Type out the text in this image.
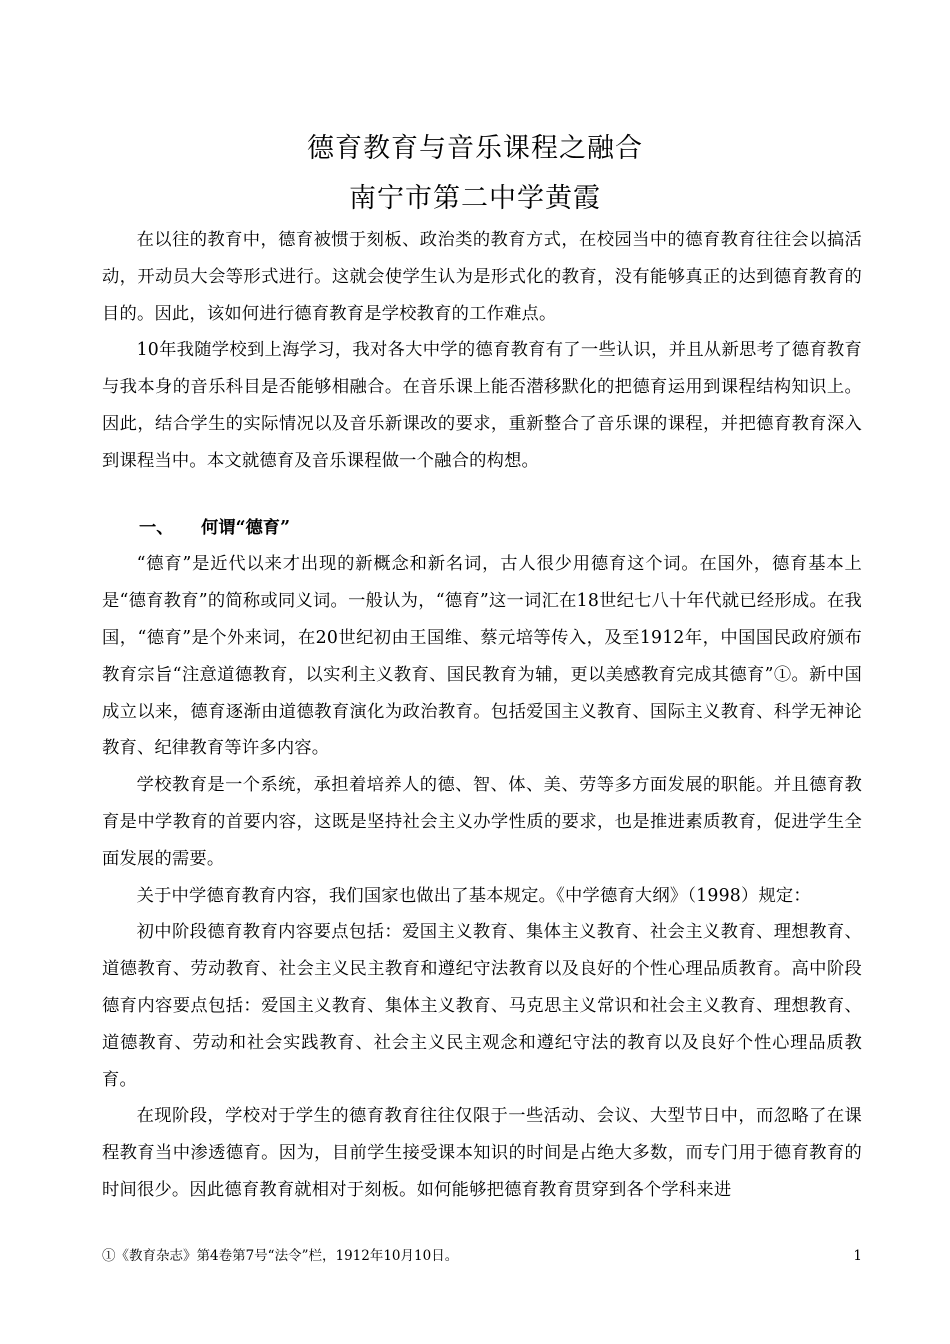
德育教育与音乐课程之融合
南宁市第二中学黄霞

在以往的教育中，德育被惯于刻板、政治类的教育方式，在校园当中的德育教育往往会以搞活动，开动员大会等形式进行。这就会使学生认为是形式化的教育，没有能够真正的达到德育教育的目的。因此，该如何进行德育教育是学校教育的工作难点。

10年我随学校到上海学习，我对各大中学的德育教育有了一些认识，并且从新思考了德育教育与我本身的音乐科目是否能够相融合。在音乐课上能否潜移默化的把德育运用到课程结构知识上。因此，结合学生的实际情况以及音乐新课改的要求，重新整合了音乐课的课程，并把德育教育深入到课程当中。本文就德育及音乐课程做一个融合的构想。

一、	何谓“德育”

“德育”是近代以来才出现的新概念和新名词，古人很少用德育这个词。在国外，德育基本上是“德育教育”的简称或同义词。一般认为，“德育”这一词汇在18世纪七八十年代就已经形成。在我国，“德育”是个外来词，在20世纪初由王国维、蔡元培等传入，及至1912年，中国国民政府颁布教育宗旨“注意道德教育，以实利主义教育、国民教育为辅，更以美感教育完成其德育”①。新中国成立以来，德育逐渐由道德教育演化为政治教育。包括爱国主义教育、国际主义教育、科学无神论教育、纪律教育等许多内容。

学校教育是一个系统，承担着培养人的德、智、体、美、劳等多方面发展的职能。并且德育教育是中学教育的首要内容，这既是坚持社会主义办学性质的要求，也是推进素质教育，促进学生全面发展的需要。

关于中学德育教育内容，我们国家也做出了基本规定。《中学德育大纲》（1998）规定：

初中阶段德育教育内容要点包括：爱国主义教育、集体主义教育、社会主义教育、理想教育、道德教育、劳动教育、社会主义民主教育和遵纪守法教育以及良好的个性心理品质教育。高中阶段德育内容要点包括：爱国主义教育、集体主义教育、马克思主义常识和社会主义教育、理想教育、道德教育、劳动和社会实践教育、社会主义民主观念和遵纪守法的教育以及良好个性心理品质教育。

在现阶段，学校对于学生的德育教育往往仅限于一些活动、会议、大型节日中，而忽略了在课程教育当中渗透德育。因为，目前学生接受课本知识的时间是占绝大多数，而专门用于德育教育的时间很少。因此德育教育就相对于刻板。如何能够把德育教育贯穿到各个学科来进

①《教育杂志》第4卷第7号“法令”栏，1912年10月10日。	1
